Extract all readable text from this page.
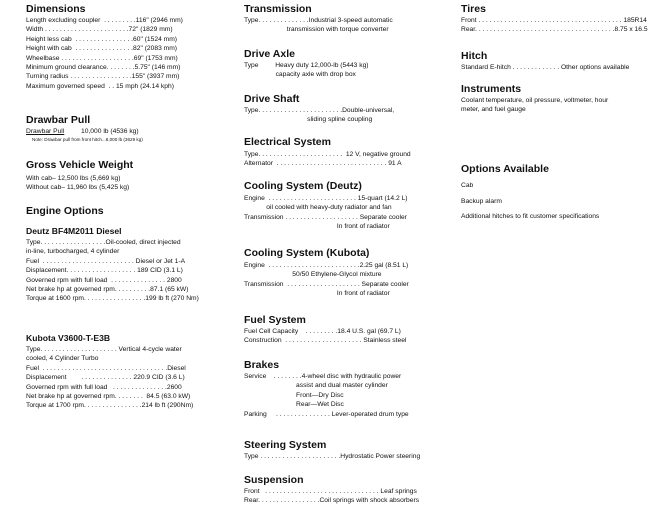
Dimensions
Length excluding coupler  . . . . . . . . .116" (2946 mm)
Width . . . . . . . . . . . . . . . . . . . . . . .72" (1829 mm)
Height less cab  . . . . . . . . . . . . . . . .60" (1524 mm)
Height with cab  . . . . . . . . . . . . . . . .82" (2083 mm)
Wheelbase . . . . . . . . . . . . . . . . . . . .69" (1753 mm)
Minimum ground clearance. . . . . . . .5.75" (146 mm)
Turning radius . . . . . . . . . . . . . . . . .155" (3937 mm)
Maximum governed speed  . . 15 mph (24.14 kph)
Drawbar Pull
Drawbar Pull         10,000 lb (4536 kg)
Note: Drawbar pull from front hitch...8,000 lb (3629 kg)
Gross Vehicle Weight
With cab– 12,500 lbs (5,669 kg)
Without cab– 11,960 lbs (5,425 kg)
Engine Options
Deutz BF4M2011 Diesel
Type. . . . . . . . . . . . . . . . . .Oil-cooled, direct injected
in-line, turbocharged, 4 cylinder
Fuel  . . . . . . . . . . . . . . . . . . . . . . . . . Diesel or Jet 1-A
Displacement. . . . . . . . . . . . . . . . . . . 189 CID (3.1 L)
Governed rpm with full load  . . . . . . . . . . . . . . . 2800
Net brake hp at governed rpm. . . . . . . . . .87.1 (65 kW)
Torque at 1600 rpm. . . . . . . . . . . . . . . . .199 lb ft (270 Nm)
Kubota V3600-T-E3B
Type. . . . . . . . . . . . . . . . . . . . . Vertical 4-cycle water
cooled, 4 Cylinder Turbo
Fuel  . . . . . . . . . . . . . . . . . . . . . . . . . . . . . . . . . .Diesel
Displacement        . . . . . . . . . . . . . . 220.9 CID (3.6 L)
Governed rpm with full load   . . . . . . . . . . . . . . .2600
Net brake hp at governed rpm. . . . . . . .  84.5 (63.0 kW)
Torque at 1700 rpm. . . . . . . . . . . . . . . .214 lb ft (290Nm)
Transmission
Type. . . . . . . . . . . . . .Industrial 3-speed automatic
transmission with torque converter
Drive Axle
Type         Heavy duty 12,000-lb (5443 kg)
capacity axle with drop box
Drive Shaft
Type. . . . . . . . . . . . . . . . . . . . . . .Double-universal,
sliding spline coupling
Electrical System
Type. . . . . . . . . . . . . . . . . . . . . . .  12 V, negative ground
Alternator  . . . . . . . . . . . . . . . . . . . . . . . . . . . . . . 91 A
Cooling System (Deutz)
Engine  . . . . . . . . . . . . . . . . . . . . . . . . 15-quart (14.2 L)
oil cooled with heavy-duty radiator and fan
Transmission . . . . . . . . . . . . . . . . . . . . Separate cooler
In front of radiator
Cooling System (Kubota)
Engine  . . . . . . . . . . . . . . . . . . . . . . . . .2.25 gal (8.51 L)
50/50 Ethylene-Glycol mixture
Transmission  . . . . . . . . . . . . . . . . . . . . Separate cooler
In front of radiator
Fuel System
Fuel Cell Capacity    . . . . . . . . .18.4 U.S. gal (69.7 L)
Construction  . . . . . . . . . . . . . . . . . . . . . Stainless steel
Brakes
Service    . . . . . . . .4-wheel disc with hydraulic power
assist and dual master cylinder
Front—Dry Disc
Rear—Wet Disc
Parking     . . . . . . . . . . . . . . . Lever-operated drum type
Steering System
Type . . . . . . . . . . . . . . . . . . . . . .Hydrostatic Power steering
Suspension
Front   . . . . . . . . . . . . . . . . . . . . . . . . . . . . . . . Leaf springs
Rear. . . . . . . . . . . . . . . . .Coil springs with shock absorbers
Tires
Front . . . . . . . . . . . . . . . . . . . . . . . . . . . . . . . . . . . . . . . 185R14
Rear. . . . . . . . . . . . . . . . . . . . . . . . . . . . . . . . . . . . . .8.75 x 16.5
Hitch
Standard E-hitch . . . . . . . . . . . . . Other options available
Instruments
Coolant temperature, oil pressure, voltmeter, hour
meter, and fuel gauge
Options Available
Cab
Backup alarm
Additional hitches to fit customer specifications
